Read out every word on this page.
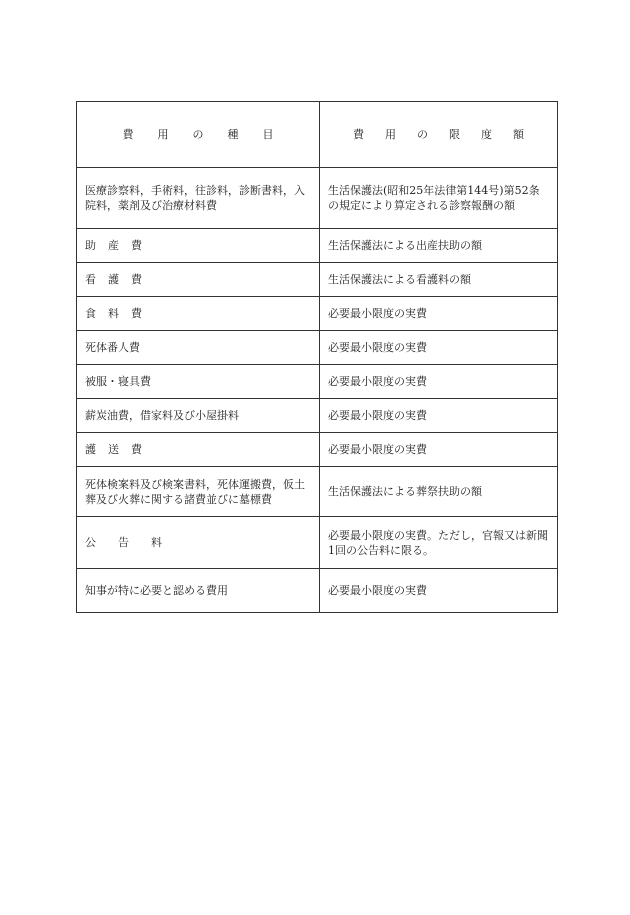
費用の種目	費用の限度額

医療診察料，手術料，往診料，診断書料，入院料，薬剤及び治療材料費	生活保護法(昭和25年法律第144号)第52条の規定により算定される診察報酬の額

助産費	生活保護法による出産扶助の額

看護費	生活保護法による看護料の額

食料費	必要最小限度の実費

死体番人費	必要最小限度の実費

被服・寝具費	必要最小限度の実費

薪炭油費，借家料及び小屋掛料	必要最小限度の実費

護送費	必要最小限度の実費

死体検案料及び検案書料，死体運搬費，仮土葬及び火葬に関する諸費並びに墓標費	生活保護法による葬祭扶助の額

公告料	必要最小限度の実費。ただし，官報又は新聞1回の公告料に限る。

知事が特に必要と認める費用	必要最小限度の実費
